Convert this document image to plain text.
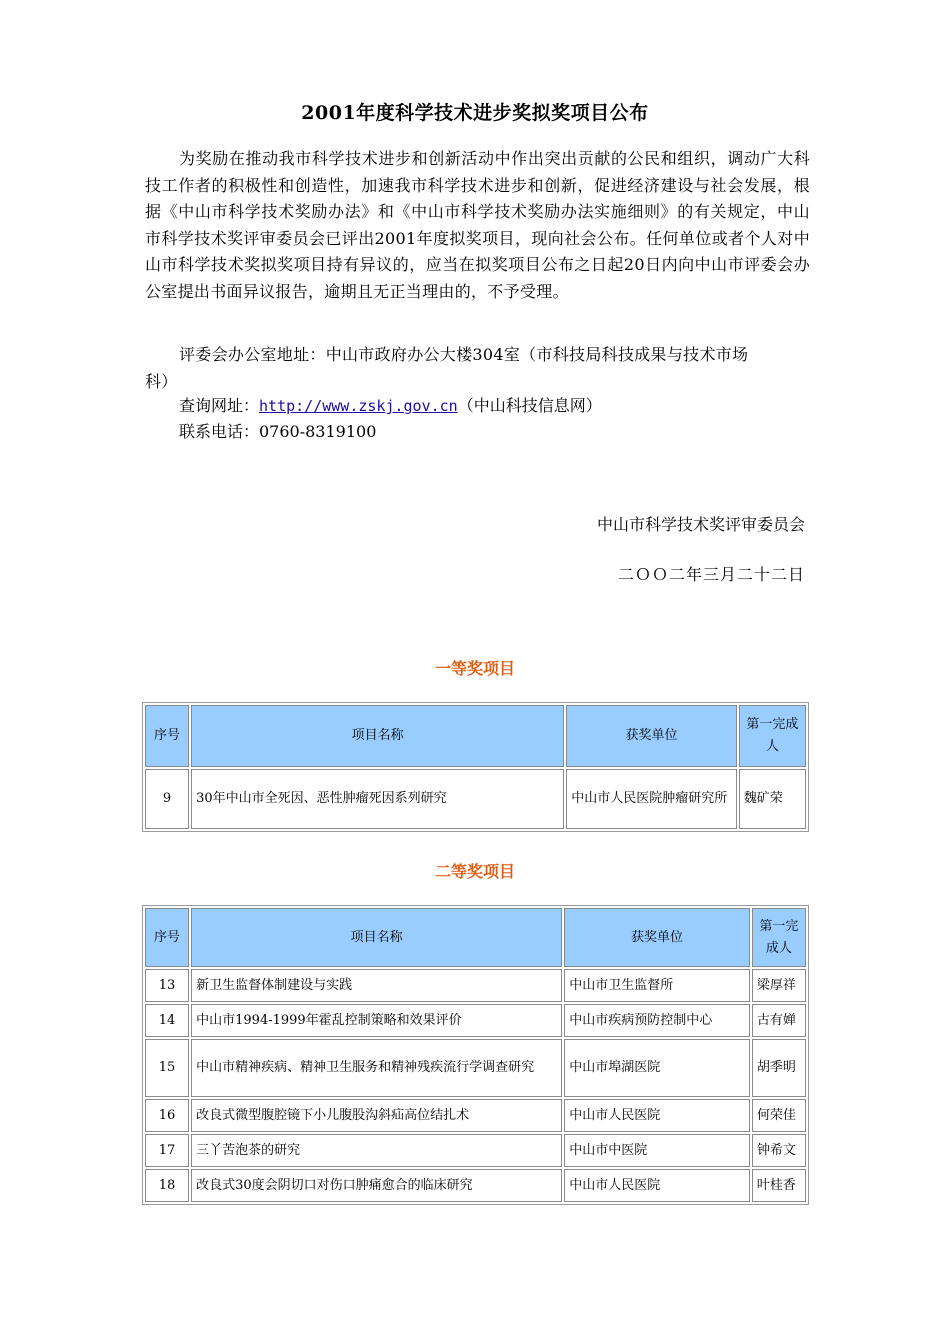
2001年度科学技术进步奖拟奖项目公布
为奖励在推动我市科学技术进步和创新活动中作出突出贡献的公民和组织，调动广大科技工作者的积极性和创造性，加速我市科学技术进步和创新，促进经济建设与社会发展，根据《中山市科学技术奖励办法》和《中山市科学技术奖励办法实施细则》的有关规定，中山市科学技术奖评审委员会已评出2001年度拟奖项目，现向社会公布。任何单位或者个人对中山市科学技术奖拟奖项目持有异议的，应当在拟奖项目公布之日起20日内向中山市评委会办公室提出书面异议报告，逾期且无正当理由的，不予受理。
评委会办公室地址：中山市政府办公大楼304室（市科技局科技成果与技术市场
科）
查询网址：http://www.zskj.gov.cn（中山科技信息网）
联系电话：0760-8319100
中山市科学技术奖评审委员会
二ＯＯ二年三月二十二日
一等奖项目
序号	项目名称	获奖单位	第一完成人
9	30年中山市全死因、恶性肿瘤死因系列研究	中山市人民医院肿瘤研究所	魏矿荣
二等奖项目
序号	项目名称	获奖单位	第一完成人
13	新卫生监督体制建设与实践	中山市卫生监督所	梁厚祥
14	中山市1994-1999年霍乱控制策略和效果评价	中山市疾病预防控制中心	古有婵
15	中山市精神疾病、精神卫生服务和精神残疾流行学调查研究	中山市埠湖医院	胡季明
16	改良式微型腹腔镜下小儿腹股沟斜疝高位结扎术	中山市人民医院	何荣佳
17	三丫苦泡茶的研究	中山市中医院	钟希文
18	改良式30度会阴切口对伤口肿痛愈合的临床研究	中山市人民医院	叶桂香
